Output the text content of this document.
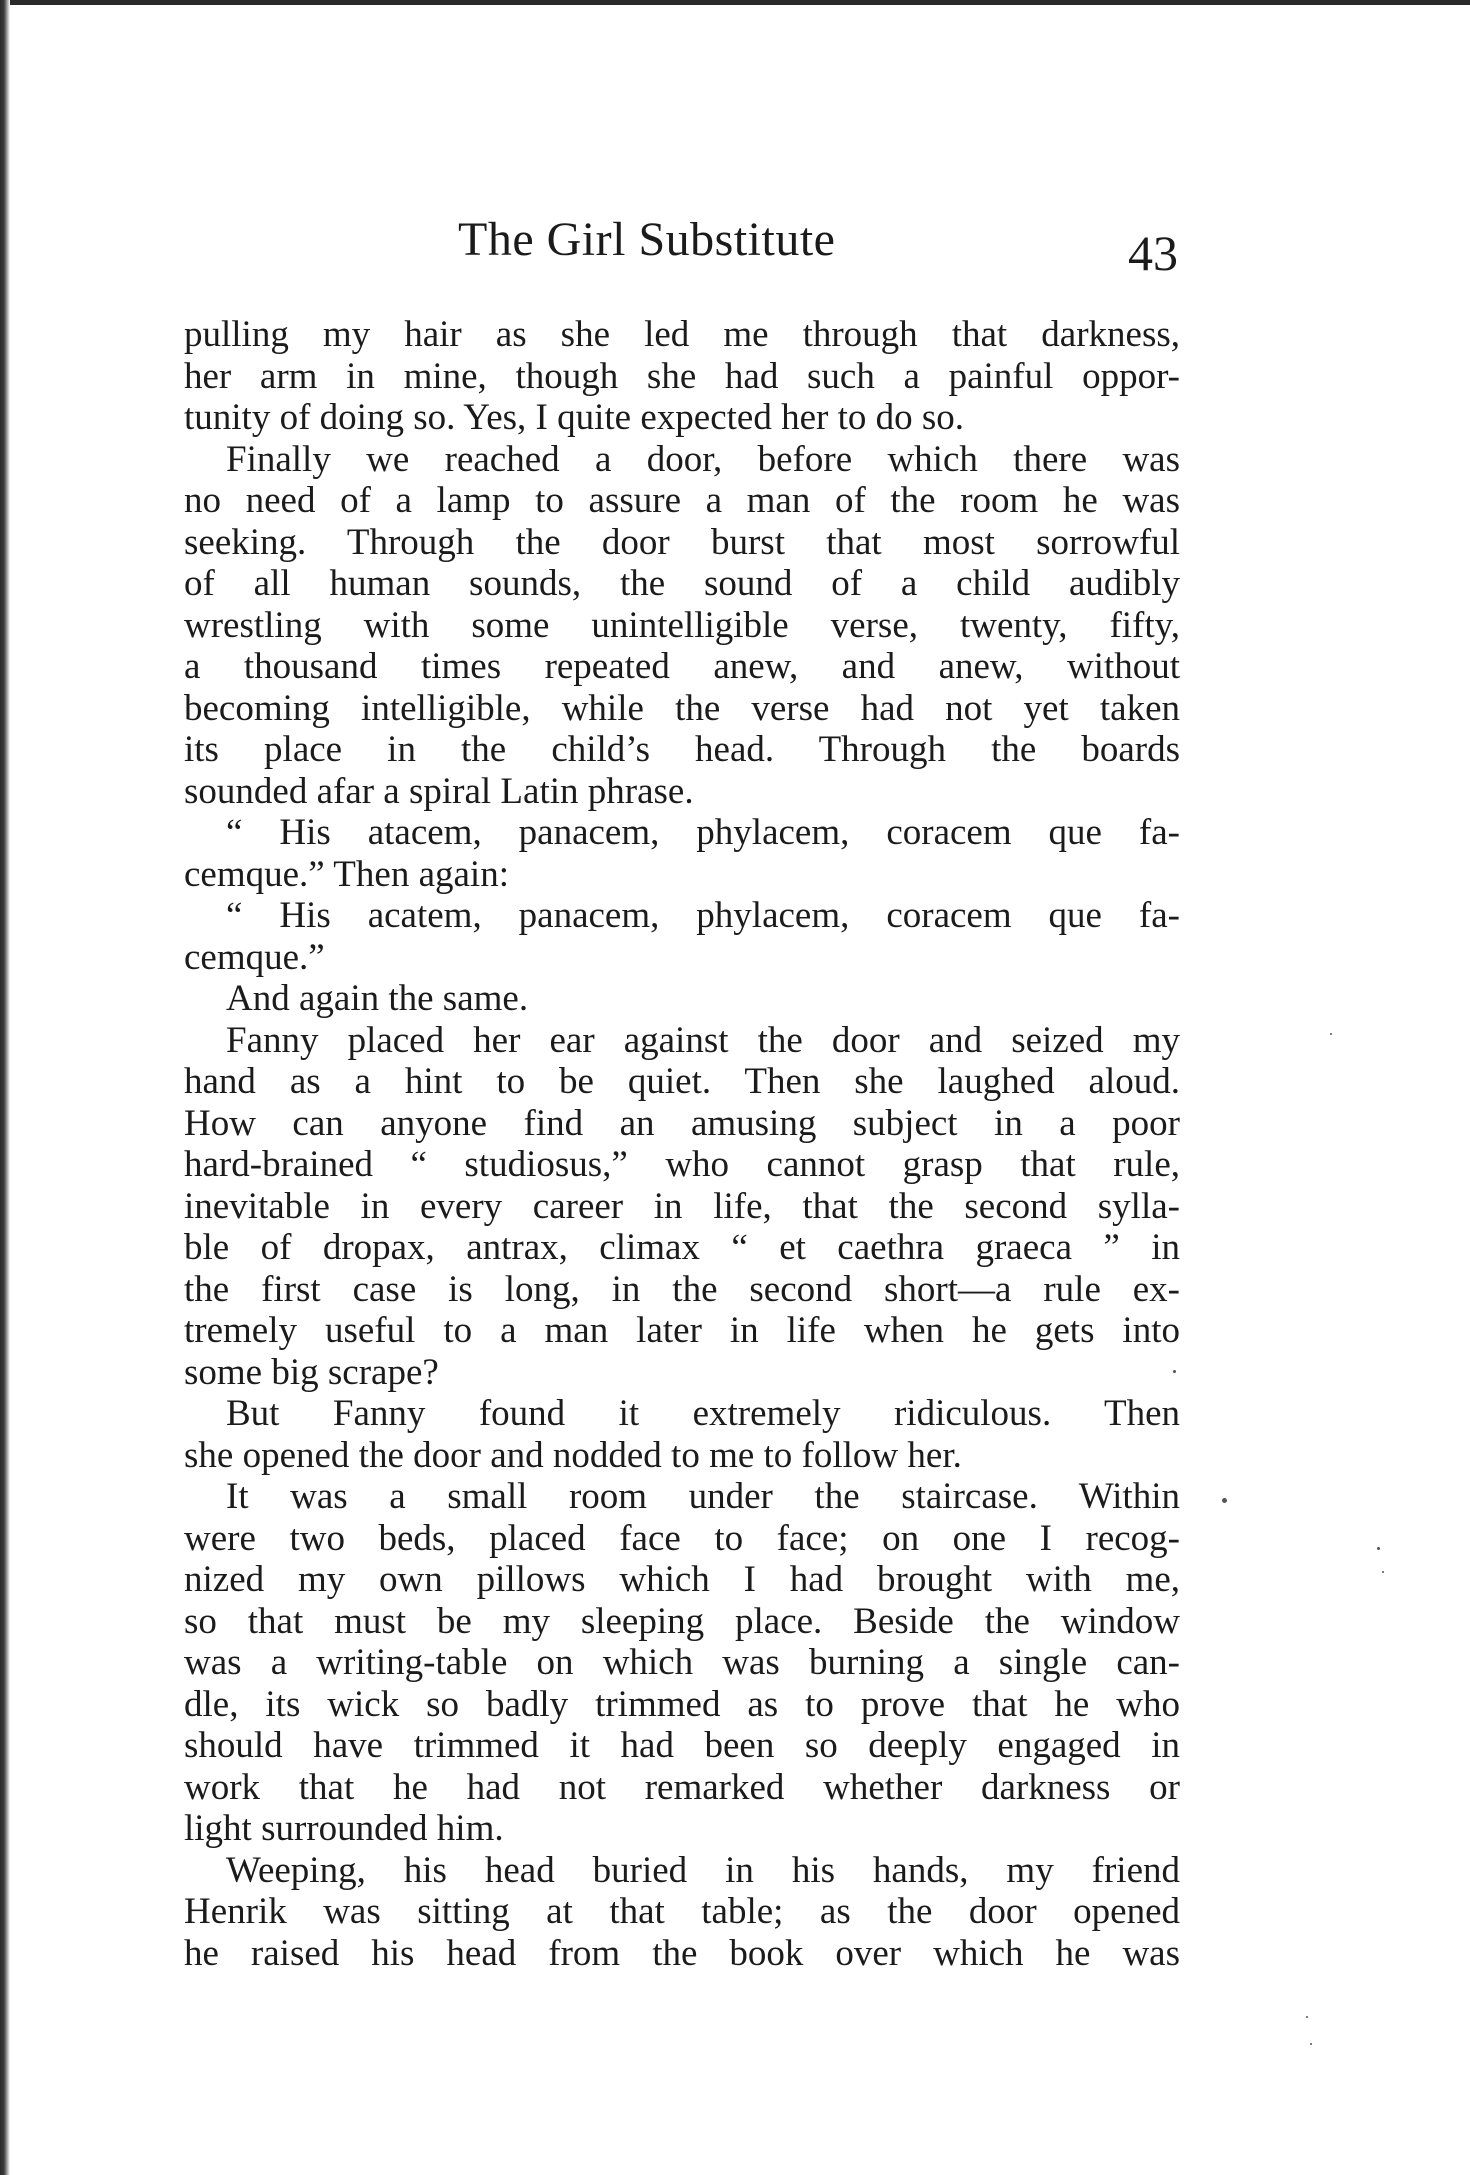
The Girl Substitute	43
pulling my hair as she led me through that darkness,
her arm in mine, though she had such a painful oppor-
tunity of doing so. Yes, I quite expected her to do so.
Finally we reached a door, before which there was
no need of a lamp to assure a man of the room he was
seeking. Through the door burst that most sorrowful
of all human sounds, the sound of a child audibly
wrestling with some unintelligible verse, twenty, fifty,
a thousand times repeated anew, and anew, without
becoming intelligible, while the verse had not yet taken
its place in the child’s head. Through the boards
sounded afar a spiral Latin phrase.
“ His atacem, panacem, phylacem, coracem que fa-
cemque.” Then again:
“ His acatem, panacem, phylacem, coracem que fa-
cemque.”
And again the same.
Fanny placed her ear against the door and seized my
hand as a hint to be quiet. Then she laughed aloud.
How can anyone find an amusing subject in a poor
hard-brained “ studiosus,” who cannot grasp that rule,
inevitable in every career in life, that the second sylla-
ble of dropax, antrax, climax “ et caethra graeca ” in
the first case is long, in the second short—a rule ex-
tremely useful to a man later in life when he gets into
some big scrape?
But Fanny found it extremely ridiculous. Then
she opened the door and nodded to me to follow her.
It was a small room under the staircase. Within
were two beds, placed face to face; on one I recog-
nized my own pillows which I had brought with me,
so that must be my sleeping place. Beside the window
was a writing-table on which was burning a single can-
dle, its wick so badly trimmed as to prove that he who
should have trimmed it had been so deeply engaged in
work that he had not remarked whether darkness or
light surrounded him.
Weeping, his head buried in his hands, my friend
Henrik was sitting at that table; as the door opened
he raised his head from the book over which he was
